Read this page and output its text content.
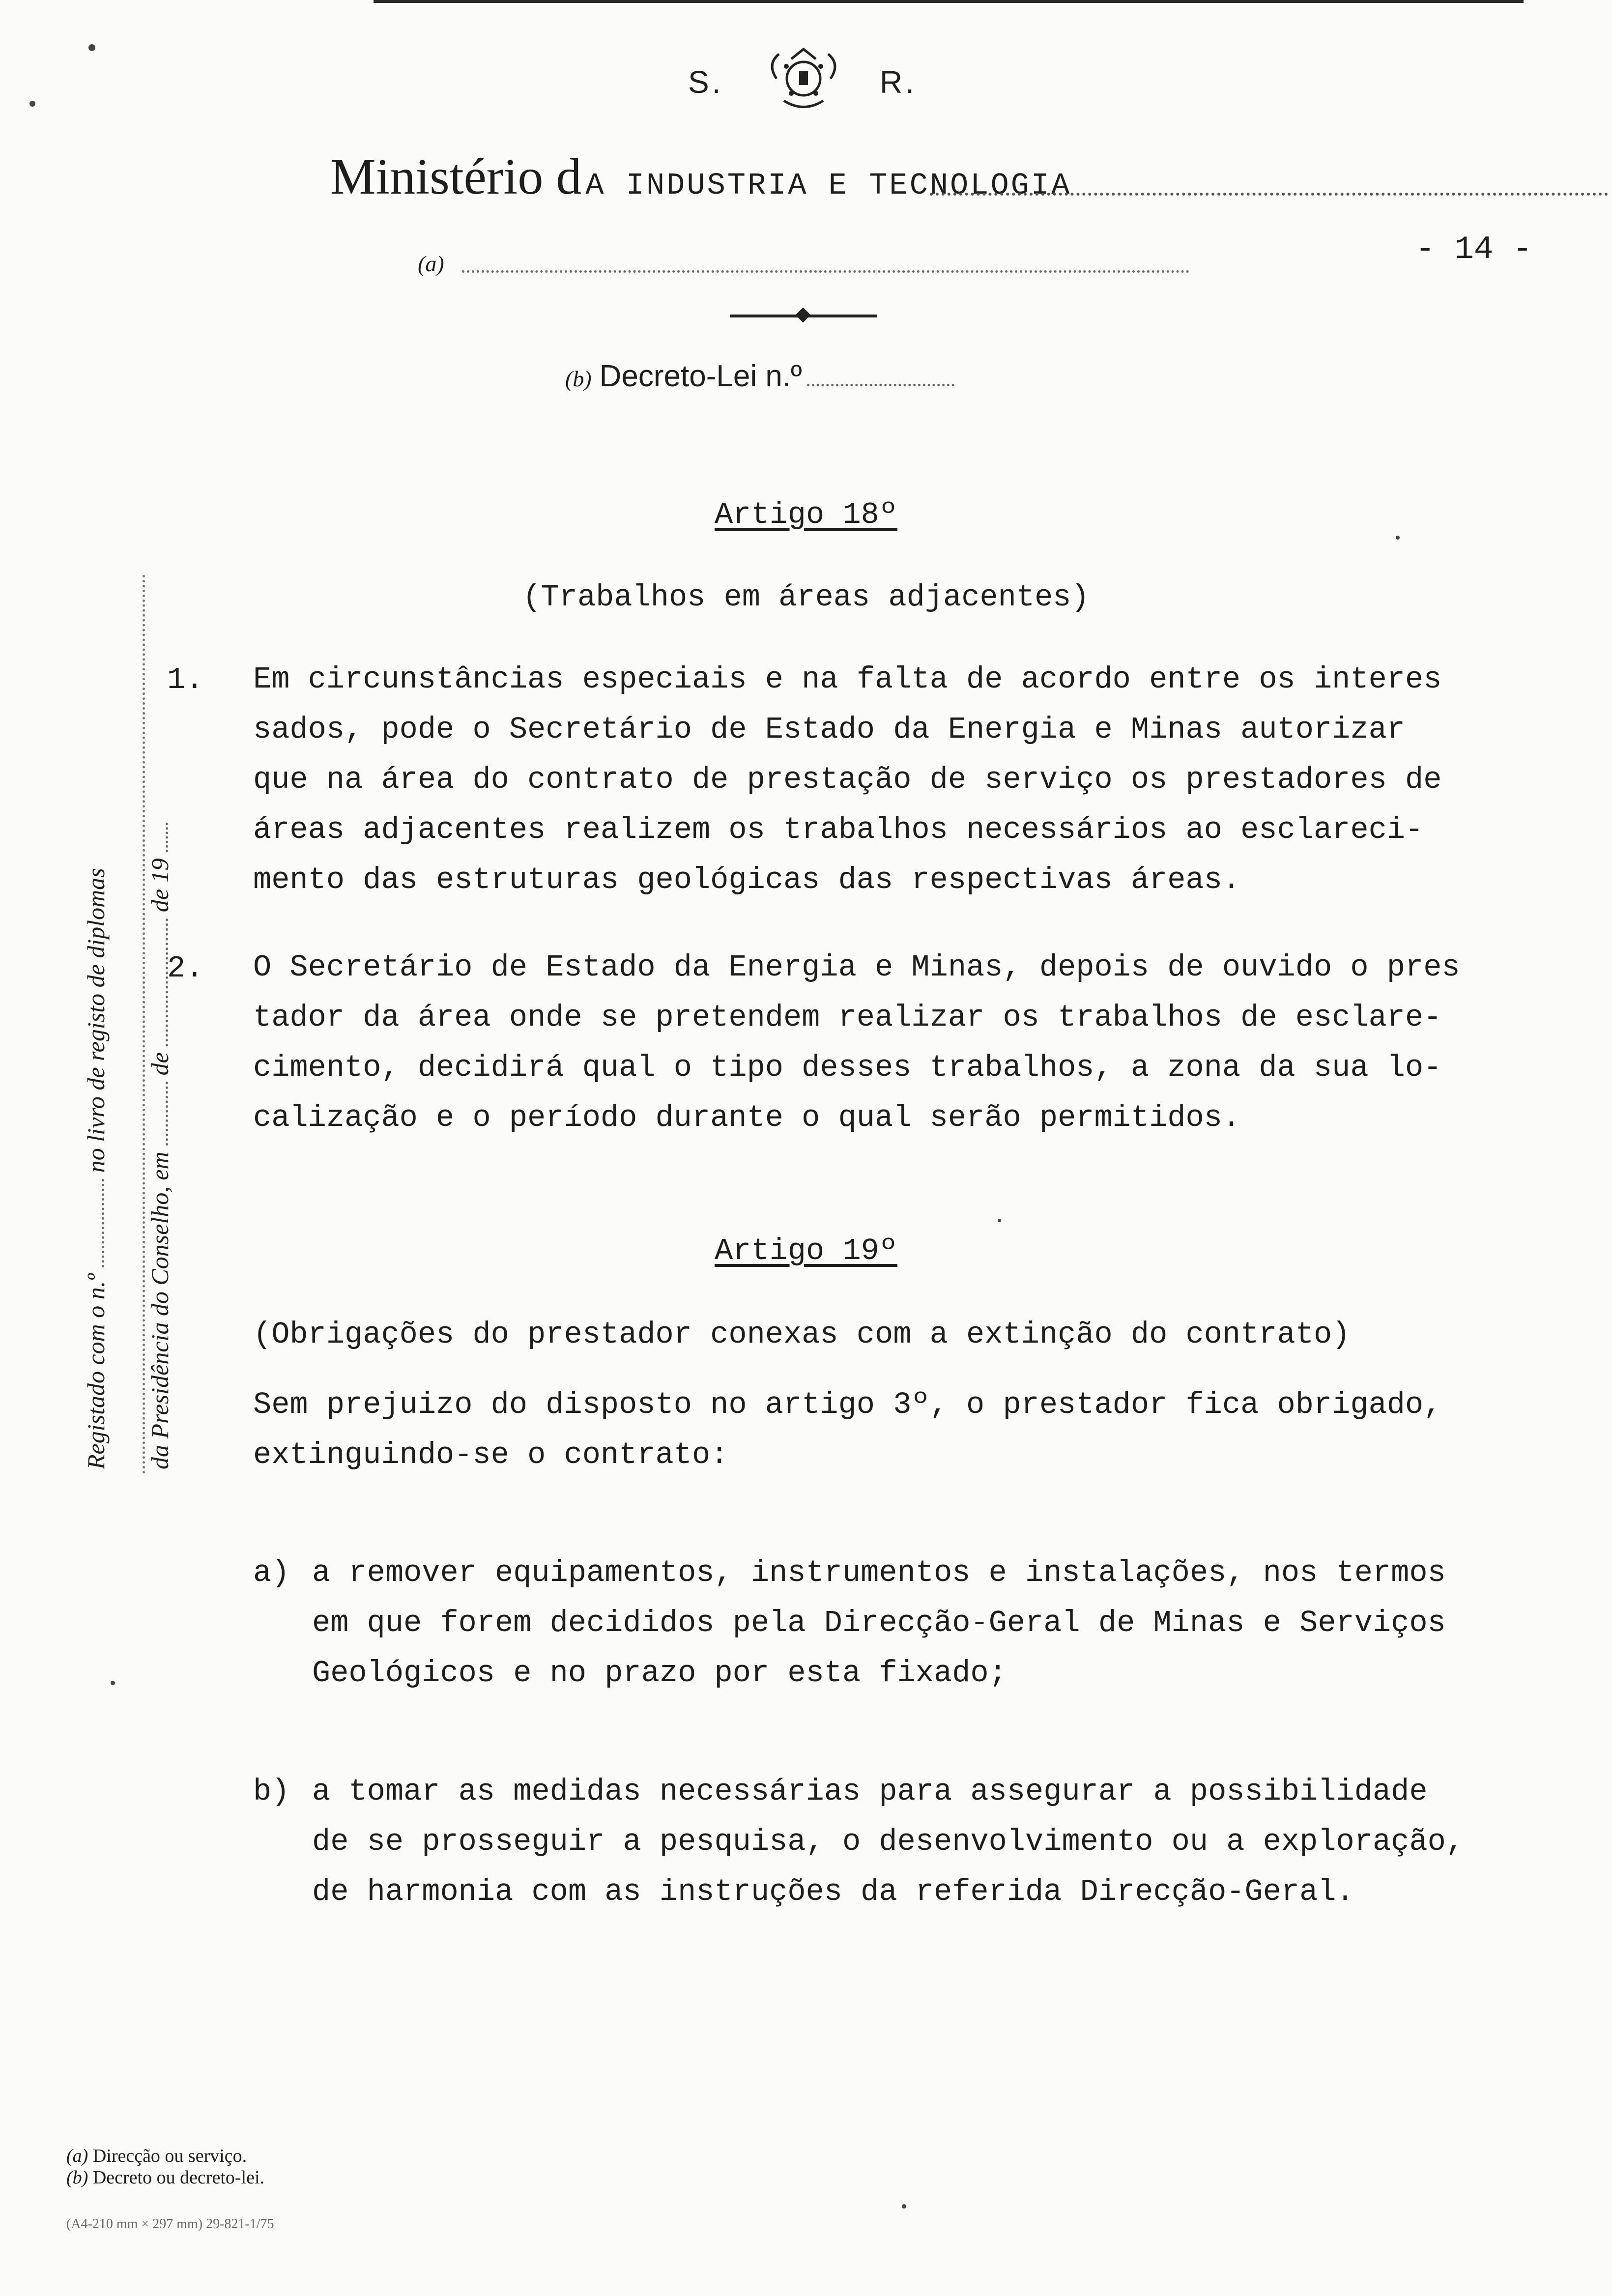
S.	R.
Ministério d A INDUSTRIA E TECNOLOGIA
(a)	- 14 -
(b) Decreto-Lei n.º
Registado com o n.º  no livro de registo de diplomas
da Presidência do Conselho, em  de  de 19
Artigo 18º
(Trabalhos em áreas adjacentes)
1. Em circunstâncias especiais e na falta de acordo entre os interes
sados, pode o Secretário de Estado da Energia e Minas autorizar
que na área do contrato de prestação de serviço os prestadores de
áreas adjacentes realizem os trabalhos necessários ao esclareci-
mento das estruturas geológicas das respectivas áreas.
2. O Secretário de Estado da Energia e Minas, depois de ouvido o pres
tador da área onde se pretendem realizar os trabalhos de esclare-
cimento, decidirá qual o tipo desses trabalhos, a zona da sua lo-
calização e o período durante o qual serão permitidos.
Artigo 19º
(Obrigações do prestador conexas com a extinção do contrato)
Sem prejuizo do disposto no artigo 3º, o prestador fica obrigado,
extinguindo-se o contrato:
a) a remover equipamentos, instrumentos e instalações, nos termos
em que forem decididos pela Direcção-Geral de Minas e Serviços
Geológicos e no prazo por esta fixado;
b) a tomar as medidas necessárias para assegurar a possibilidade
de se prosseguir a pesquisa, o desenvolvimento ou a exploração,
de harmonia com as instruções da referida Direcção-Geral.
(a) Direcção ou serviço.
(b) Decreto ou decreto-lei.
(A4-210 mm × 297 mm) 29-821-1/75
